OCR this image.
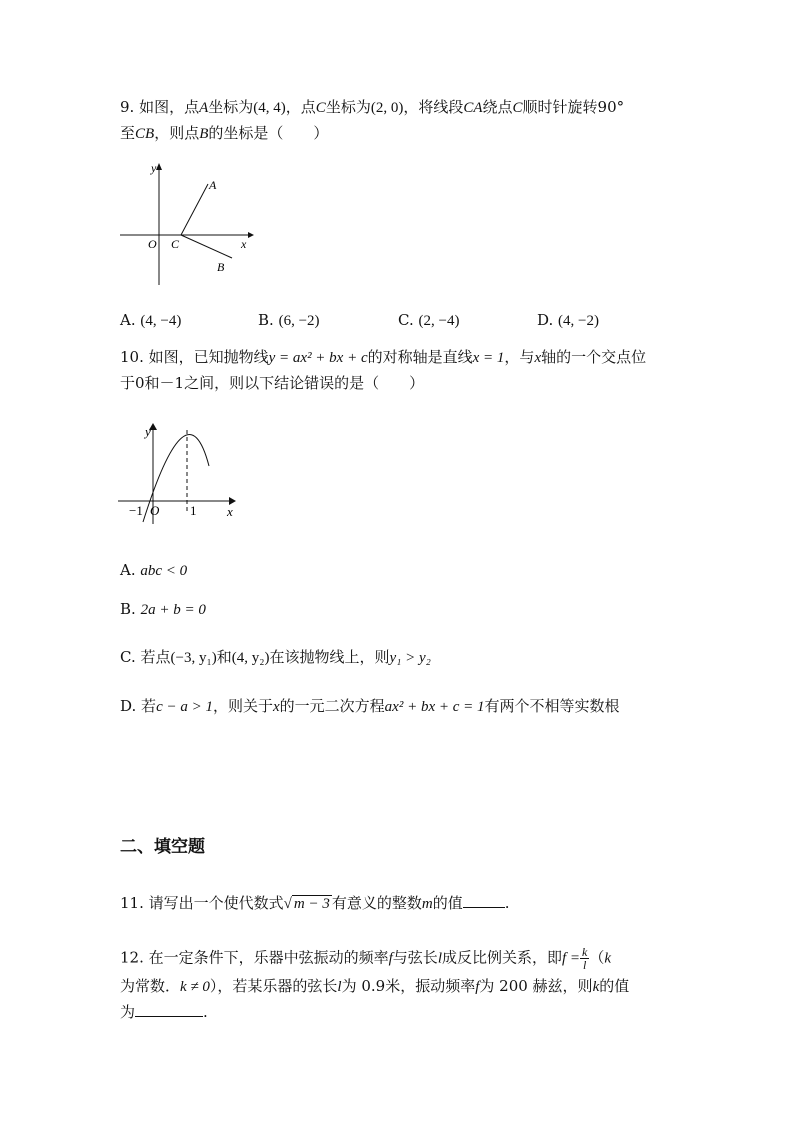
9. 如图，点A坐标为(4, 4)，点C坐标为(2, 0)，将线段CA绕点C顺时针旋转90°
至CB，则点B的坐标是（　　）
y
x
O C
A
B
A. (4, −4)	B. (6, −2)	C. (2, −4)	D. (4, −2)
10. 如图，已知抛物线y = ax² + bx + c的对称轴是直线x = 1，与x轴的一个交点位
于0和－1之间，则以下结论错误的是（　　）
y
x
−1 O 1
A. abc < 0
B. 2a + b = 0
C. 若点(−3, y₁)和(4, y₂)在该抛物线上，则y₁ > y₂
D. 若c − a > 1，则关于x的一元二次方程ax² + bx + c = 1有两个不相等实数根
二、填空题
11. 请写出一个使代数式√ m − 3 有意义的整数m的值	.
12. 在一定条件下，乐器中弦振动的频率f与弦长l成反比例关系，即$f = \frac{k}{l} (k$
为常数．k ≠ 0），若某乐器的弦长l为 0.9米，振动频率f为 200 赫兹，则k的值
为	.
